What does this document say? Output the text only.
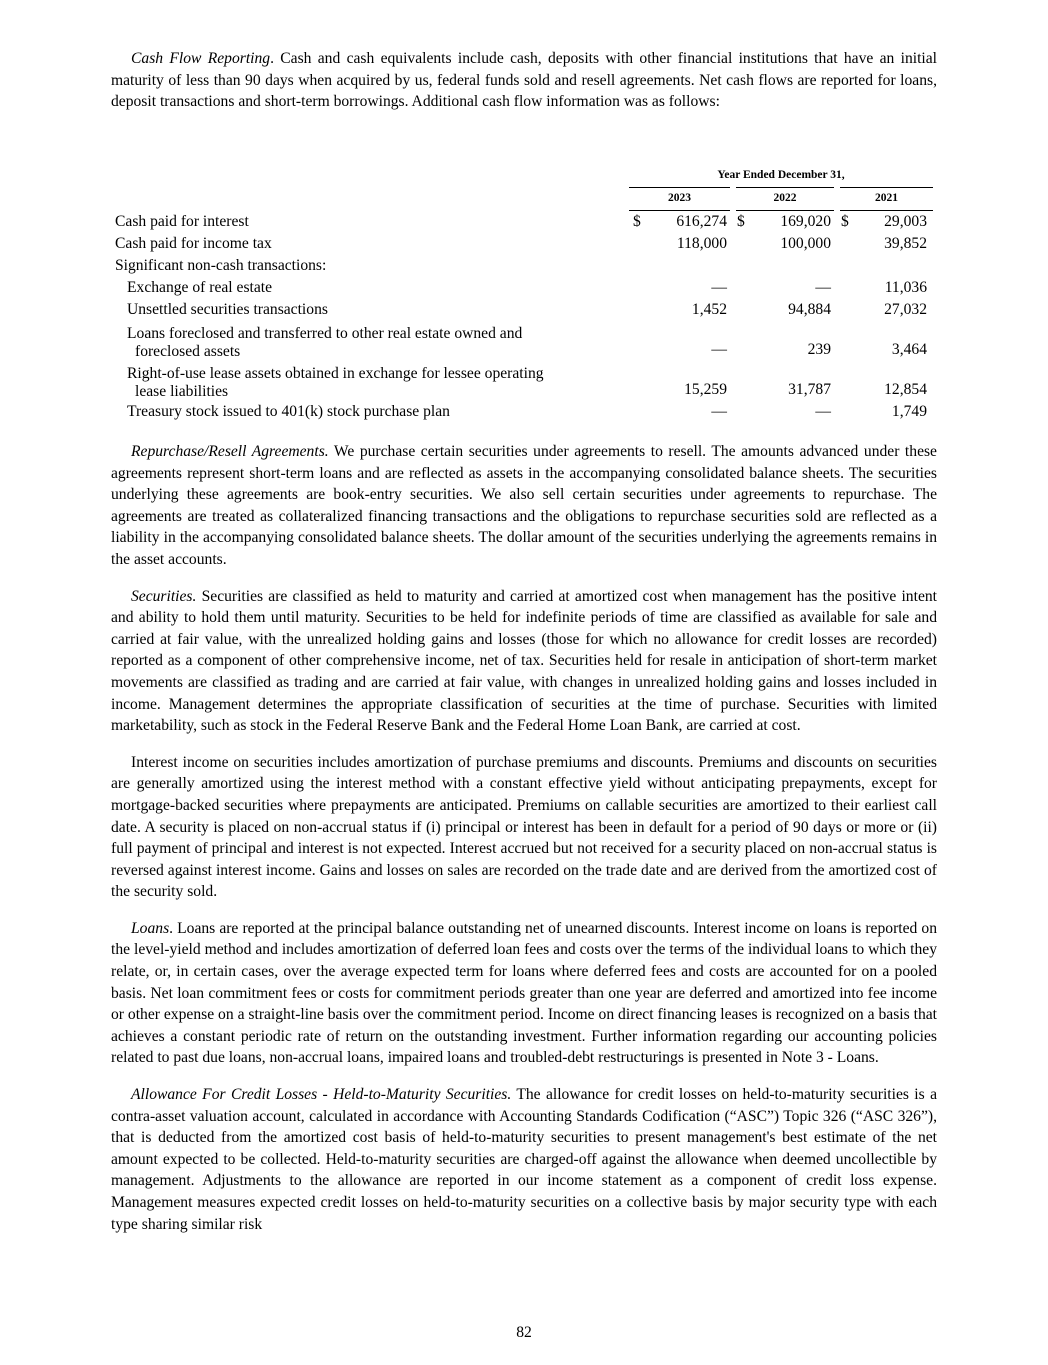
Cash Flow Reporting. Cash and cash equivalents include cash, deposits with other financial institutions that have an initial maturity of less than 90 days when acquired by us, federal funds sold and resell agreements. Net cash flows are reported for loans, deposit transactions and short-term borrowings. Additional cash flow information was as follows:

	Year Ended December 31,					
	2023		2022		2021	
Cash paid for interest	$	616,274	$	169,020	$	29,003
Cash paid for income tax		118,000		100,000		39,852
Significant non-cash transactions:						
Exchange of real estate		—		—		11,036
Unsettled securities transactions		1,452		94,884		27,032
Loans foreclosed and transferred to other real estate owned and

foreclosed assets		—		239		3,464
Right-of-use lease assets obtained in exchange for lessee operating

lease liabilities		15,259		31,787		12,854
Treasury stock issued to 401(k) stock purchase plan		—		—		1,749

Repurchase/Resell Agreements. We purchase certain securities under agreements to resell. The amounts advanced under these agreements represent short-term loans and are reflected as assets in the accompanying consolidated balance sheets. The securities underlying these agreements are book-entry securities. We also sell certain securities under agreements to repurchase. The agreements are treated as collateralized financing transactions and the obligations to repurchase securities sold are reflected as a liability in the accompanying consolidated balance sheets. The dollar amount of the securities underlying the agreements remains in the asset accounts.

Securities. Securities are classified as held to maturity and carried at amortized cost when management has the positive intent and ability to hold them until maturity. Securities to be held for indefinite periods of time are classified as available for sale and carried at fair value, with the unrealized holding gains and losses (those for which no allowance for credit losses are recorded) reported as a component of other comprehensive income, net of tax. Securities held for resale in anticipation of short-term market movements are classified as trading and are carried at fair value, with changes in unrealized holding gains and losses included in income. Management determines the appropriate classification of securities at the time of purchase. Securities with limited marketability, such as stock in the Federal Reserve Bank and the Federal Home Loan Bank, are carried at cost.

Interest income on securities includes amortization of purchase premiums and discounts. Premiums and discounts on securities are generally amortized using the interest method with a constant effective yield without anticipating prepayments, except for mortgage-backed securities where prepayments are anticipated. Premiums on callable securities are amortized to their earliest call date. A security is placed on non-accrual status if (i) principal or interest has been in default for a period of 90 days or more or (ii) full payment of principal and interest is not expected. Interest accrued but not received for a security placed on non-accrual status is reversed against interest income. Gains and losses on sales are recorded on the trade date and are derived from the amortized cost of the security sold.

Loans. Loans are reported at the principal balance outstanding net of unearned discounts. Interest income on loans is reported on the level-yield method and includes amortization of deferred loan fees and costs over the terms of the individual loans to which they relate, or, in certain cases, over the average expected term for loans where deferred fees and costs are accounted for on a pooled basis. Net loan commitment fees or costs for commitment periods greater than one year are deferred and amortized into fee income or other expense on a straight-line basis over the commitment period. Income on direct financing leases is recognized on a basis that achieves a constant periodic rate of return on the outstanding investment. Further information regarding our accounting policies related to past due loans, non-accrual loans, impaired loans and troubled-debt restructurings is presented in Note 3 - Loans.

Allowance For Credit Losses - Held-to-Maturity Securities. The allowance for credit losses on held-to-maturity securities is a contra-asset valuation account, calculated in accordance with Accounting Standards Codification (“ASC”) Topic 326 (“ASC 326”), that is deducted from the amortized cost basis of held-to-maturity securities to present management's best estimate of the net amount expected to be collected. Held-to-maturity securities are charged-off against the allowance when deemed uncollectible by management. Adjustments to the allowance are reported in our income statement as a component of credit loss expense. Management measures expected credit losses on held-to-maturity securities on a collective basis by major security type with each type sharing similar risk

82
